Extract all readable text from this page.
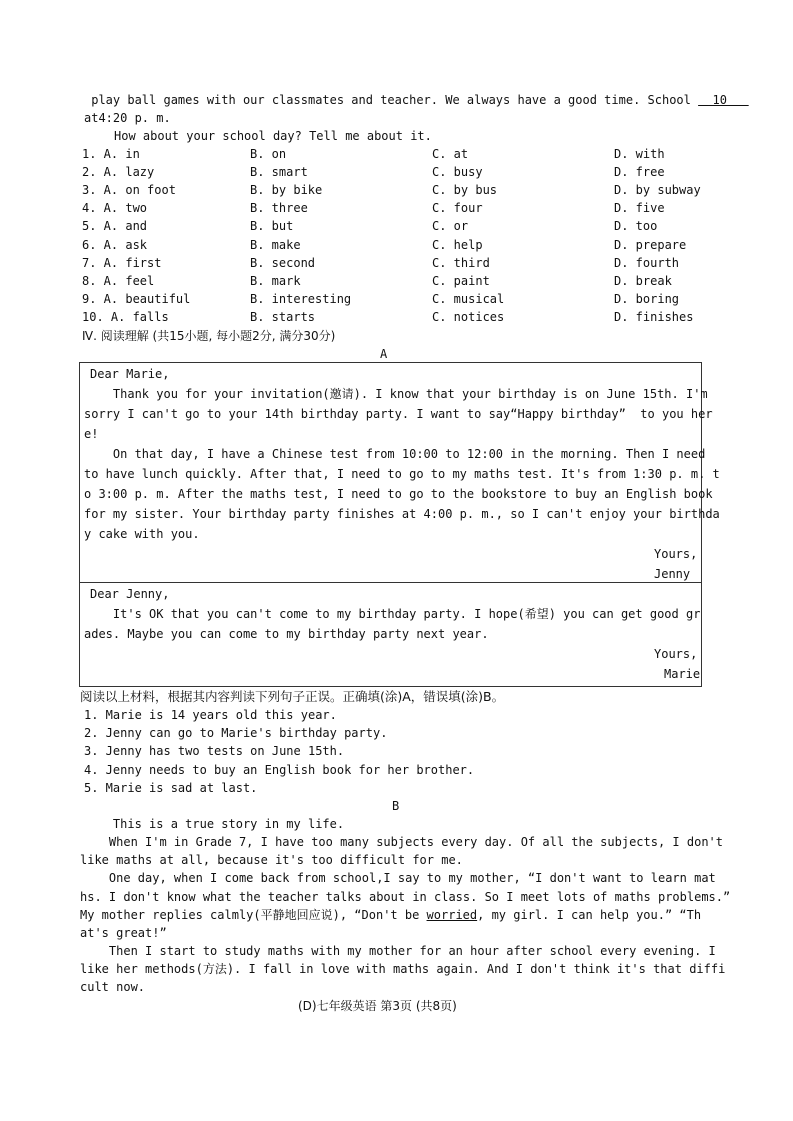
play ball games with our classmates and teacher. We always have a good time. School   10
at4:20 p. m.
How about your school day? Tell me about it.
1. A. in	B. on	C. at	D. with
2. A. lazy	B. smart	C. busy	D. free
3. A. on foot	B. by bike	C. by bus	D. by subway
4. A. two	B. three	C. four	D. five
5. A. and	B. but	C. or	D. too
6. A. ask	B. make	C. help	D. prepare
7. A. first	B. second	C. third	D. fourth
8. A. feel	B. mark	C. paint	D. break
9. A. beautiful	B. interesting	C. musical	D. boring
10. A. falls	B. starts	C. notices	D. finishes
Ⅳ. 阅读理解 (共15小题, 每小题2分, 满分30分)
A
Dear Marie,
Thank you for your invitation(邀请). I know that your birthday is on June 15th. I'm
sorry I can't go to your 14th birthday party. I want to say“Happy birthday”  to you her
e!
On that day, I have a Chinese test from 10:00 to 12:00 in the morning. Then I need
to have lunch quickly. After that, I need to go to my maths test. It's from 1:30 p. m. t
o 3:00 p. m. After the maths test, I need to go to the bookstore to buy an English book
for my sister. Your birthday party finishes at 4:00 p. m., so I can't enjoy your birthda
y cake with you.
Yours,
Jenny
Dear Jenny,
It's OK that you can't come to my birthday party. I hope(希望) you can get good gr
ades. Maybe you can come to my birthday party next year.
Yours,
Marie
阅读以上材料，根据其内容判读下列句子正误。正确填(涂)A，错误填(涂)B。
1. Marie is 14 years old this year.
2. Jenny can go to Marie's birthday party.
3. Jenny has two tests on June 15th.
4. Jenny needs to buy an English book for her brother.
5. Marie is sad at last.
B
This is a true story in my life.
When I'm in Grade 7, I have too many subjects every day. Of all the subjects, I don't
like maths at all, because it's too difficult for me.
One day, when I come back from school,I say to my mother, “I don't want to learn mat
hs. I don't know what the teacher talks about in class. So I meet lots of maths problems.”
My mother replies calmly(平静地回应说), “Don't be worried, my girl. I can help you.” “Th
at's great!”
Then I start to study maths with my mother for an hour after school every evening. I
like her methods(方法). I fall in love with maths again. And I don't think it's that diffi
cult now.
(D)七年级英语 第3页 (共8页)
